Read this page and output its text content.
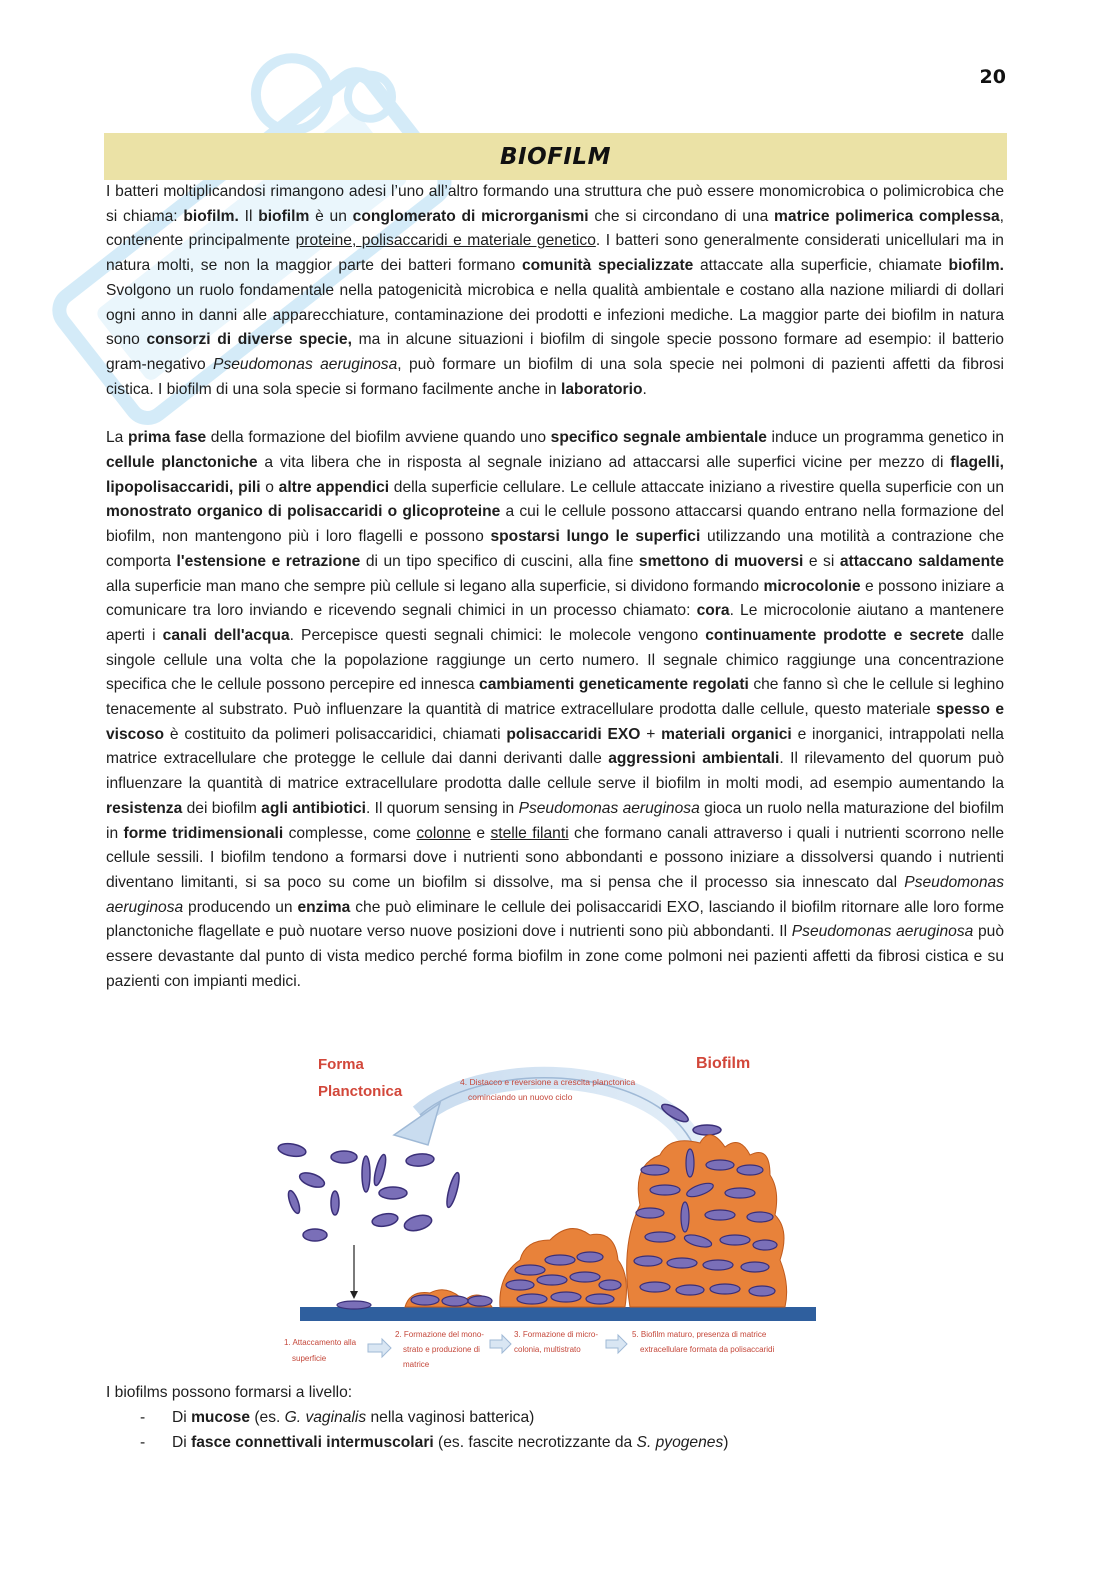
20
BIOFILM

I batteri moltiplicandosi rimangono adesi l’uno all’altro formando una struttura che può essere monomicrobica o polimicrobica che si chiama: biofilm. Il biofilm è un conglomerato di microrganismi che si circondano di una matrice polimerica complessa, contenente principalmente proteine, polisaccaridi e materiale genetico. I batteri sono generalmente considerati unicellulari ma in natura molti, se non la maggior parte dei batteri formano comunità specializzate attaccate alla superficie, chiamate biofilm. Svolgono un ruolo fondamentale nella patogenicità microbica e nella qualità ambientale e costano alla nazione miliardi di dollari ogni anno in danni alle apparecchiature, contaminazione dei prodotti e infezioni mediche. La maggior parte dei biofilm in natura sono consorzi di diverse specie, ma in alcune situazioni i biofilm di singole specie possono formare ad esempio: il batterio gram-negativo Pseudomonas aeruginosa, può formare un biofilm di una sola specie nei polmoni di pazienti affetti da fibrosi cistica. I biofilm di una sola specie si formano facilmente anche in laboratorio.

La prima fase della formazione del biofilm avviene quando uno specifico segnale ambientale induce un programma genetico in cellule planctoniche a vita libera che in risposta al segnale iniziano ad attaccarsi alle superfici vicine per mezzo di flagelli, lipopolisaccaridi, pili o altre appendici della superficie cellulare. Le cellule attaccate iniziano a rivestire quella superficie con un monostrato organico di polisaccaridi o glicoproteine a cui le cellule possono attaccarsi quando entrano nella formazione del biofilm, non mantengono più i loro flagelli e possono spostarsi lungo le superfici utilizzando una motilità a contrazione che comporta l'estensione e retrazione di un tipo specifico di cuscini, alla fine smettono di muoversi e si attaccano saldamente alla superficie man mano che sempre più cellule si legano alla superficie, si dividono formando microcolonie e possono iniziare a comunicare tra loro inviando e ricevendo segnali chimici in un processo chiamato: cora. Le microcolonie aiutano a mantenere aperti i canali dell'acqua. Percepisce questi segnali chimici: le molecole vengono continuamente prodotte e secrete dalle singole cellule una volta che la popolazione raggiunge un certo numero. Il segnale chimico raggiunge una concentrazione specifica che le cellule possono percepire ed innesca cambiamenti geneticamente regolati che fanno sì che le cellule si leghino tenacemente al substrato. Può influenzare la quantità di matrice extracellulare prodotta dalle cellule, questo materiale spesso e viscoso è costituito da polimeri polisaccaridici, chiamati polisaccaridi EXO + materiali organici e inorganici, intrappolati nella matrice extracellulare che protegge le cellule dai danni derivanti dalle aggressioni ambientali. Il rilevamento del quorum può influenzare la quantità di matrice extracellulare prodotta dalle cellule serve il biofilm in molti modi, ad esempio aumentando la resistenza dei biofilm agli antibiotici. Il quorum sensing in Pseudomonas aeruginosa gioca un ruolo nella maturazione del biofilm in forme tridimensionali complesse, come colonne e stelle filanti che formano canali attraverso i quali i nutrienti scorrono nelle cellule sessili. I biofilm tendono a formarsi dove i nutrienti sono abbondanti e possono iniziare a dissolversi quando i nutrienti diventano limitanti, si sa poco su come un biofilm si dissolve, ma si pensa che il processo sia innescato dal Pseudomonas aeruginosa producendo un enzima che può eliminare le cellule dei polisaccaridi EXO, lasciando il biofilm ritornare alle loro forme planctoniche flagellate e può nuotare verso nuove posizioni dove i nutrienti sono più abbondanti. Il Pseudomonas aeruginosa può essere devastante dal punto di vista medico perché forma biofilm in zone come polmoni nei pazienti affetti da fibrosi cistica e su pazienti con impianti medici.

Forma
Planctonica
Biofilm
4. Distacco e reversione a crescita planctonica
cominciando un nuovo ciclo
1. Attaccamento alla
superficie
2. Formazione del mono-
strato e produzione di
matrice
3. Formazione di micro-
colonia, multistrato
5. Biofilm maturo, presenza di matrice
extracellulare formata da polisaccaridi
I biofilms possono formarsi a livello:
- Di mucose (es. G. vaginalis nella vaginosi batterica)
- Di fasce connettivali intermuscolari (es. fascite necrotizzante da S. pyogenes)
